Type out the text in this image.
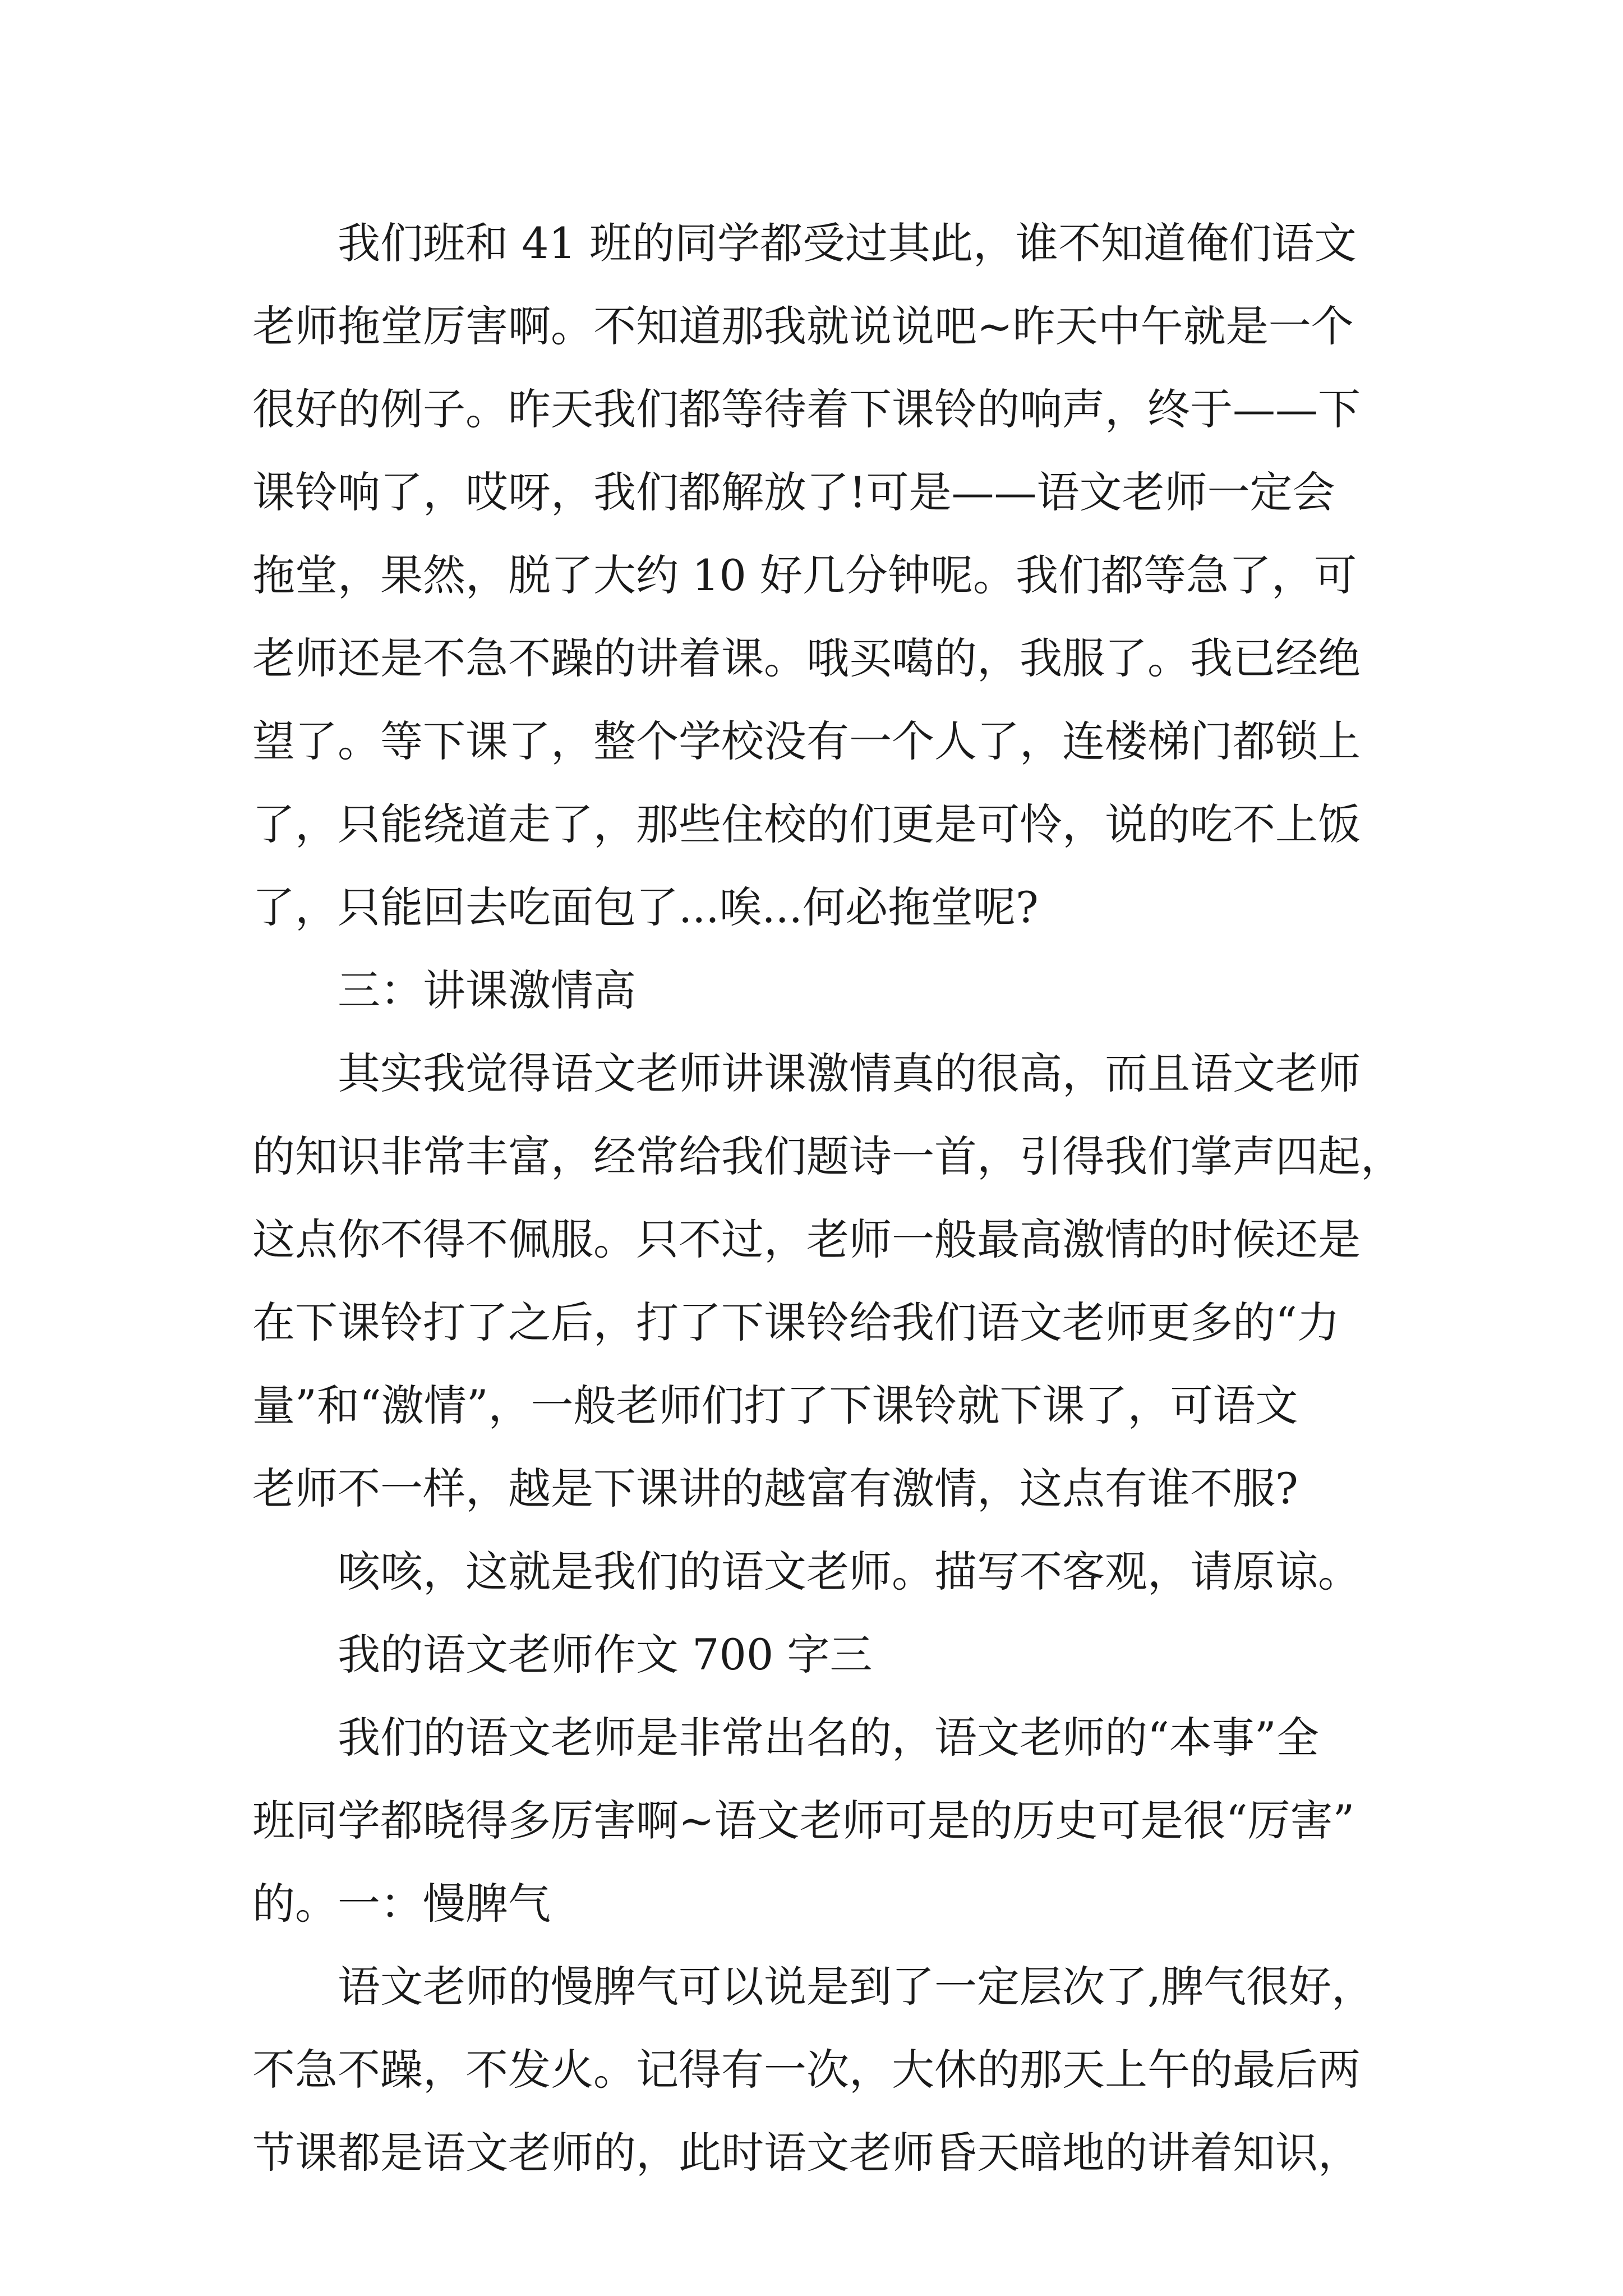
我们班和 41 班的同学都受过其此，谁不知道俺们语文
老师拖堂厉害啊。不知道那我就说说吧~昨天中午就是一个
很好的例子。昨天我们都等待着下课铃的响声，终于——下
课铃响了，哎呀，我们都解放了!可是——语文老师一定会
拖堂，果然，脱了大约 10 好几分钟呢。我们都等急了，可
老师还是不急不躁的讲着课。哦买噶的，我服了。我已经绝
望了。等下课了，整个学校没有一个人了，连楼梯门都锁上
了，只能绕道走了，那些住校的们更是可怜，说的吃不上饭
了，只能回去吃面包了...唉...何必拖堂呢?
三：讲课激情高
其实我觉得语文老师讲课激情真的很高，而且语文老师
的知识非常丰富，经常给我们题诗一首，引得我们掌声四起，
这点你不得不佩服。只不过，老师一般最高激情的时候还是
在下课铃打了之后，打了下课铃给我们语文老师更多的“力
量”和“激情”，一般老师们打了下课铃就下课了，可语文
老师不一样，越是下课讲的越富有激情，这点有谁不服?
咳咳，这就是我们的语文老师。描写不客观，请原谅。
我的语文老师作文 700 字三
我们的语文老师是非常出名的，语文老师的“本事”全
班同学都晓得多厉害啊~语文老师可是的历史可是很“厉害”
的。一：慢脾气
语文老师的慢脾气可以说是到了一定层次了,脾气很好，
不急不躁，不发火。记得有一次，大休的那天上午的最后两
节课都是语文老师的，此时语文老师昏天暗地的讲着知识，
